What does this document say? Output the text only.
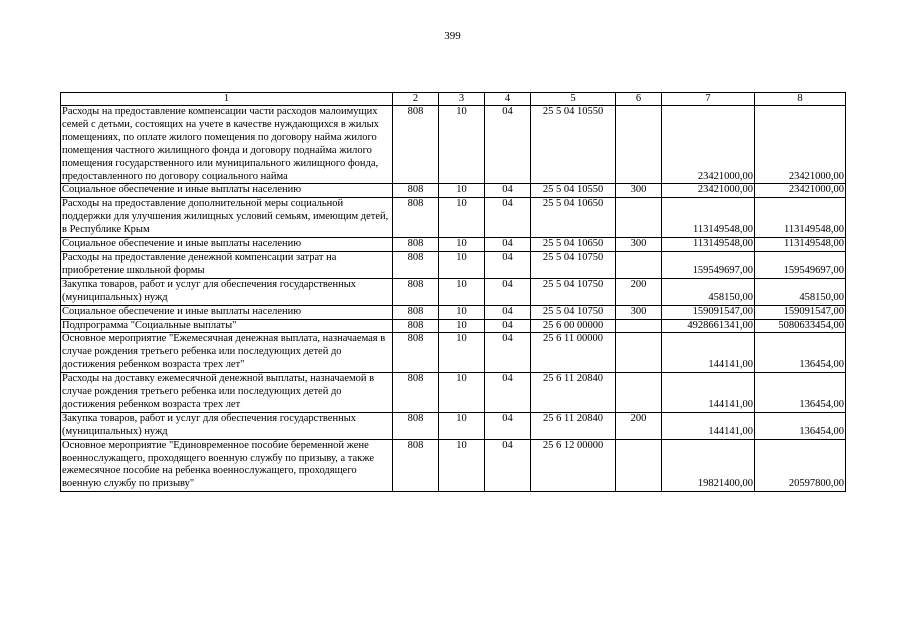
399
1	2	3	4	5	6	7	8
Расходы на предоставление компенсации части расходов малоимущих семей с детьми, состоящих на учете в качестве нуждающихся в жилых помещениях, по оплате жилого помещения по договору найма жилого помещения частного жилищного фонда и договору поднайма жилого помещения государственного или муниципального жилищного фонда, предоставленного по договору социального найма	808	10	04	25 5 04 10550		23421000,00	23421000,00
Социальное обеспечение и иные выплаты населению	808	10	04	25 5 04 10550	300	23421000,00	23421000,00
Расходы на предоставление дополнительной меры социальной поддержки для улучшения жилищных условий семьям, имеющим детей, в Республике Крым	808	10	04	25 5 04 10650		113149548,00	113149548,00
Социальное обеспечение и иные выплаты населению	808	10	04	25 5 04 10650	300	113149548,00	113149548,00
Расходы на предоставление денежной компенсации затрат на приобретение школьной формы	808	10	04	25 5 04 10750		159549697,00	159549697,00
Закупка товаров, работ и услуг для обеспечения государственных (муниципальных) нужд	808	10	04	25 5 04 10750	200	458150,00	458150,00
Социальное обеспечение и иные выплаты населению	808	10	04	25 5 04 10750	300	159091547,00	159091547,00
Подпрограмма "Социальные выплаты"	808	10	04	25 6 00 00000		4928661341,00	5080633454,00
Основное мероприятие "Ежемесячная денежная выплата, назначаемая в случае рождения третьего ребенка или последующих детей до достижения ребенком возраста трех лет"	808	10	04	25 6 11 00000		144141,00	136454,00
Расходы на доставку ежемесячной денежной выплаты, назначаемой в случае рождения третьего ребенка или последующих детей до достижения ребенком возраста трех лет	808	10	04	25 6 11 20840		144141,00	136454,00
Закупка товаров, работ и услуг для обеспечения государственных (муниципальных) нужд	808	10	04	25 6 11 20840	200	144141,00	136454,00
Основное мероприятие "Единовременное пособие беременной жене военнослужащего, проходящего военную службу по призыву, а также ежемесячное пособие на ребенка военнослужащего, проходящего военную службу по призыву"	808	10	04	25 6 12 00000		19821400,00	20597800,00
